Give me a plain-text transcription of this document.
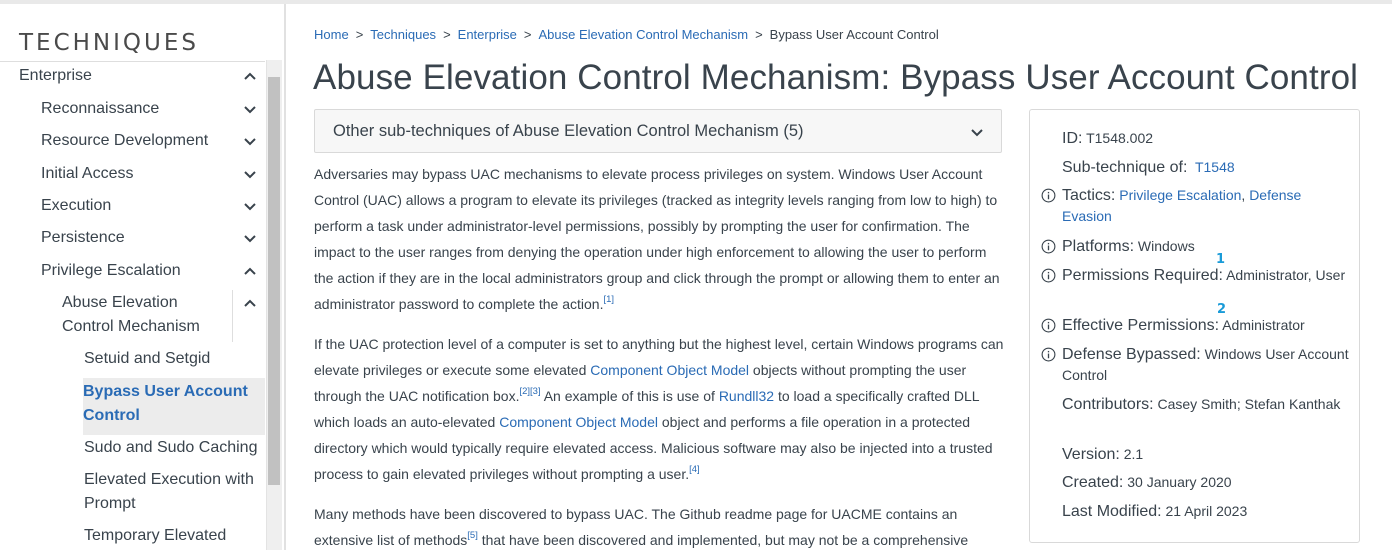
TECHNIQUES
Enterprise
Reconnaissance
Resource Development
Initial Access
Execution
Persistence
Privilege Escalation
Abuse Elevation
Control Mechanism
Setuid and Setgid
Bypass User Account
Control
Sudo and Sudo Caching
Elevated Execution with
Prompt
Temporary Elevated
Home > Techniques > Enterprise > Abuse Elevation Control Mechanism > Bypass User Account Control
Abuse Elevation Control Mechanism: Bypass User Account Control
Other sub-techniques of Abuse Elevation Control Mechanism (5)
Adversaries may bypass UAC mechanisms to elevate process privileges on system. Windows User Account Control (UAC) allows a program to elevate its privileges (tracked as integrity levels ranging from low to high) to perform a task under administrator-level permissions, possibly by prompting the user for confirmation. The impact to the user ranges from denying the operation under high enforcement to allowing the user to perform the action if they are in the local administrators group and click through the prompt or allowing them to enter an administrator password to complete the action.[1]
If the UAC protection level of a computer is set to anything but the highest level, certain Windows programs can elevate privileges or execute some elevated Component Object Model objects without prompting the user through the UAC notification box.[2][3] An example of this is use of Rundll32 to load a specifically crafted DLL which loads an auto-elevated Component Object Model object and performs a file operation in a protected directory which would typically require elevated access. Malicious software may also be injected into a trusted process to gain elevated privileges without prompting a user.[4]
Many methods have been discovered to bypass UAC. The Github readme page for UACME contains an extensive list of methods[5] that have been discovered and implemented, but may not be a comprehensive
ID: T1548.002
Sub-technique of: T1548
Tactics: Privilege Escalation, Defense Evasion
Platforms: Windows
1
Permissions Required: Administrator, User
2
Effective Permissions: Administrator
Defense Bypassed: Windows User Account Control
Contributors: Casey Smith; Stefan Kanthak
Version: 2.1
Created: 30 January 2020
Last Modified: 21 April 2023
